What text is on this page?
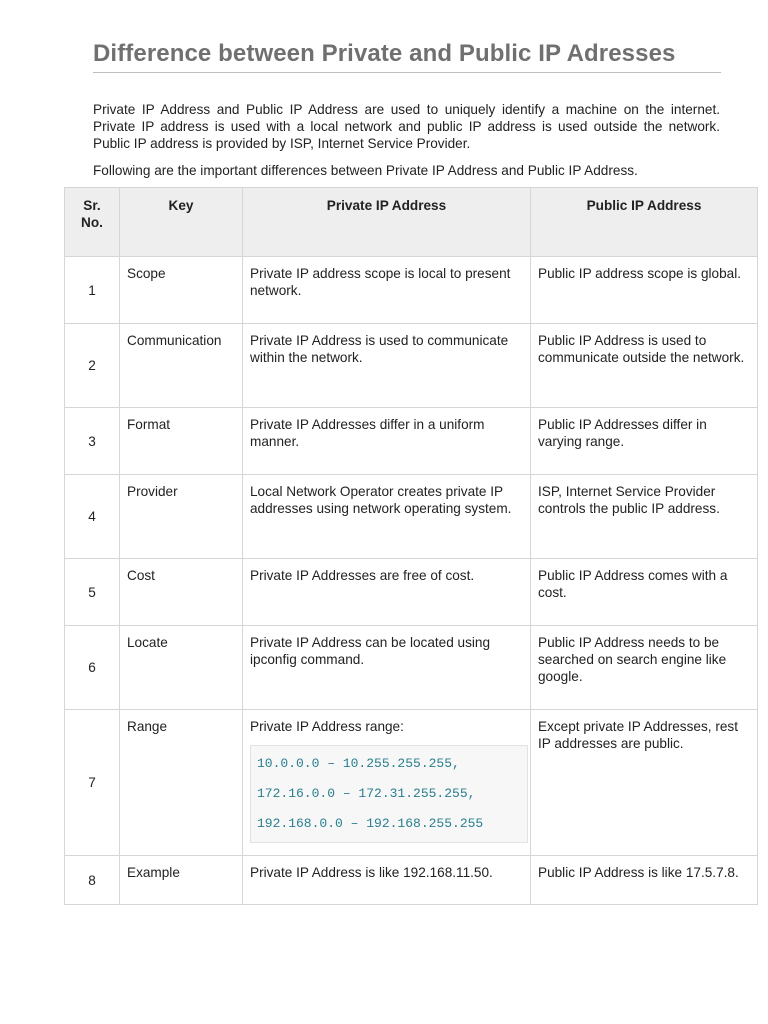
Difference between Private and Public IP Adresses

Private IP Address and Public IP Address are used to uniquely identify a machine on the internet. Private IP address is used with a local network and public IP address is used outside the network. Public IP address is provided by ISP, Internet Service Provider.

Following are the important differences between Private IP Address and Public IP Address.

Sr. No.	Key	Private IP Address	Public IP Address
1	Scope	Private IP address scope is local to present network.	Public IP address scope is global.
2	Communication	Private IP Address is used to communicate within the network.	Public IP Address is used to communicate outside the network.
3	Format	Private IP Addresses differ in a uniform manner.	Public IP Addresses differ in varying range.
4	Provider	Local Network Operator creates private IP addresses using network operating system.	ISP, Internet Service Provider controls the public IP address.
5	Cost	Private IP Addresses are free of cost.	Public IP Address comes with a cost.
6	Locate	Private IP Address can be located using ipconfig command.	Public IP Address needs to be searched on search engine like google.
7	Range	Private IP Address range:
10.0.0.0 – 10.255.255.255,
172.16.0.0 – 172.31.255.255,
192.168.0.0 – 192.168.255.255	Except private IP Addresses, rest IP addresses are public.
8	Example	Private IP Address is like 192.168.11.50.	Public IP Address is like 17.5.7.8.
